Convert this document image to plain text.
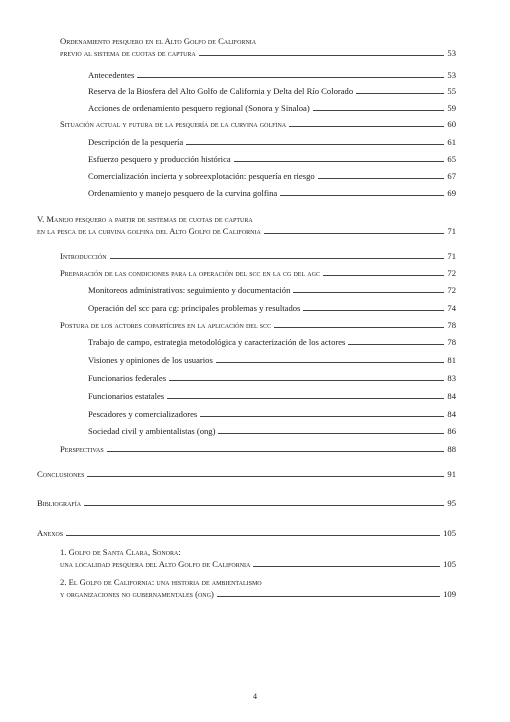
Ordenamiento pesquero en el Alto Golfo de California
previo al sistema de cuotas de captura	53
Antecedentes	53
Reserva de la Biosfera del Alto Golfo de California y Delta del Río Colorado	55
Acciones de ordenamiento pesquero regional (Sonora y Sinaloa)	59
Situación actual y futura de la pesquería de la curvina golfina	60
Descripción de la pesquería	61
Esfuerzo pesquero y producción histórica	65
Comercialización incierta y sobreexplotación: pesquería en riesgo	67
Ordenamiento y manejo pesquero de la curvina golfina	69
V. Manejo pesquero a partir de sistemas de cuotas de captura
en la pesca de la curvina golfina del Alto Golfo de California	71
Introducción	71
Preparación de las condiciones para la operación del scc en la cg del agc	72
Monitoreos administrativos: seguimiento y documentación	72
Operación del scc para cg: principales problemas y resultados	74
Postura de los actores copartícipes en la aplicación del scc	78
Trabajo de campo, estrategia metodológica y caracterización de los actores	78
Visiones y opiniones de los usuarios	81
Funcionarios federales	83
Funcionarios estatales	84
Pescadores y comercializadores	84
Sociedad civil y ambientalistas (ong)	86
Perspectivas	88
Conclusiones	91
Bibliografía	95
Anexos	105
1. Golfo de Santa Clara, Sonora:
una localidad pesquera del Alto Golfo de California	105
2. El Golfo de California: una historia de ambientalismo
y organizaciones no gubernamentales (ong)	109
4
